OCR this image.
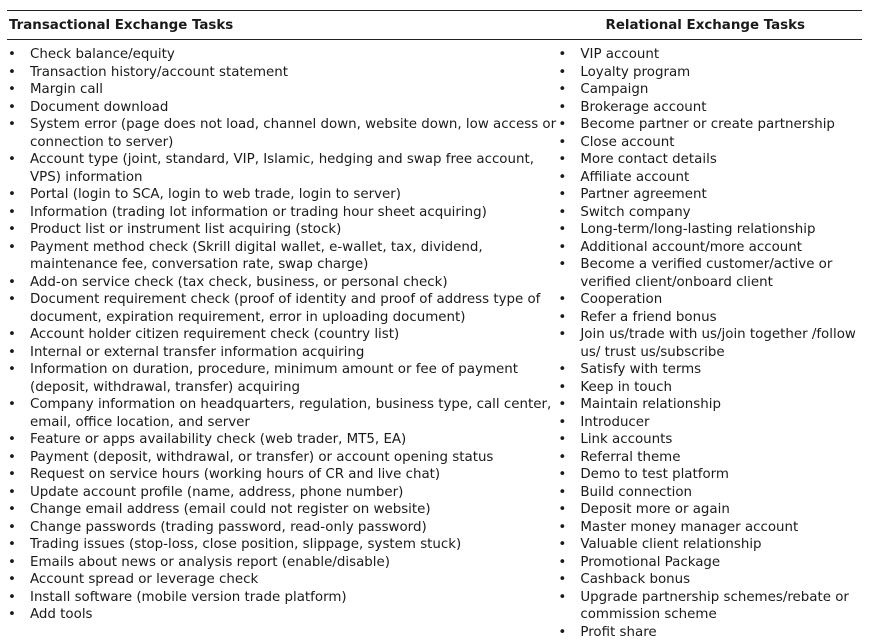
Transactional Exchange Tasks	Relational Exchange Tasks
• Check balance/equity
• Transaction history/account statement
• Margin call
• Document download
• System error (page does not load, channel down, website down, low access or connection to server)
• Account type (joint, standard, VIP, Islamic, hedging and swap free account, VPS) information
• Portal (login to SCA, login to web trade, login to server)
• Information (trading lot information or trading hour sheet acquiring)
• Product list or instrument list acquiring (stock)
• Payment method check (Skrill digital wallet, e-wallet, tax, dividend, maintenance fee, conversation rate, swap charge)
• Add-on service check (tax check, business, or personal check)
• Document requirement check (proof of identity and proof of address type of document, expiration requirement, error in uploading document)
• Account holder citizen requirement check (country list)
• Internal or external transfer information acquiring
• Information on duration, procedure, minimum amount or fee of payment (deposit, withdrawal, transfer) acquiring
• Company information on headquarters, regulation, business type, call center, email, office location, and server
• Feature or apps availability check (web trader, MT5, EA)
• Payment (deposit, withdrawal, or transfer) or account opening status
• Request on service hours (working hours of CR and live chat)
• Update account profile (name, address, phone number)
• Change email address (email could not register on website)
• Change passwords (trading password, read-only password)
• Trading issues (stop-loss, close position, slippage, system stuck)
• Emails about news or analysis report (enable/disable)
• Account spread or leverage check
• Install software (mobile version trade platform)
• Add tools
• VIP account
• Loyalty program
• Campaign
• Brokerage account
• Become partner or create partnership
• Close account
• More contact details
• Affiliate account
• Partner agreement
• Switch company
• Long-term/long-lasting relationship
• Additional account/more account
• Become a verified customer/active or verified client/onboard client
• Cooperation
• Refer a friend bonus
• Join us/trade with us/join together /follow us/ trust us/subscribe
• Satisfy with terms
• Keep in touch
• Maintain relationship
• Introducer
• Link accounts
• Referral theme
• Demo to test platform
• Build connection
• Deposit more or again
• Master money manager account
• Valuable client relationship
• Promotional Package
• Cashback bonus
• Upgrade partnership schemes/rebate or commission scheme
• Profit share
